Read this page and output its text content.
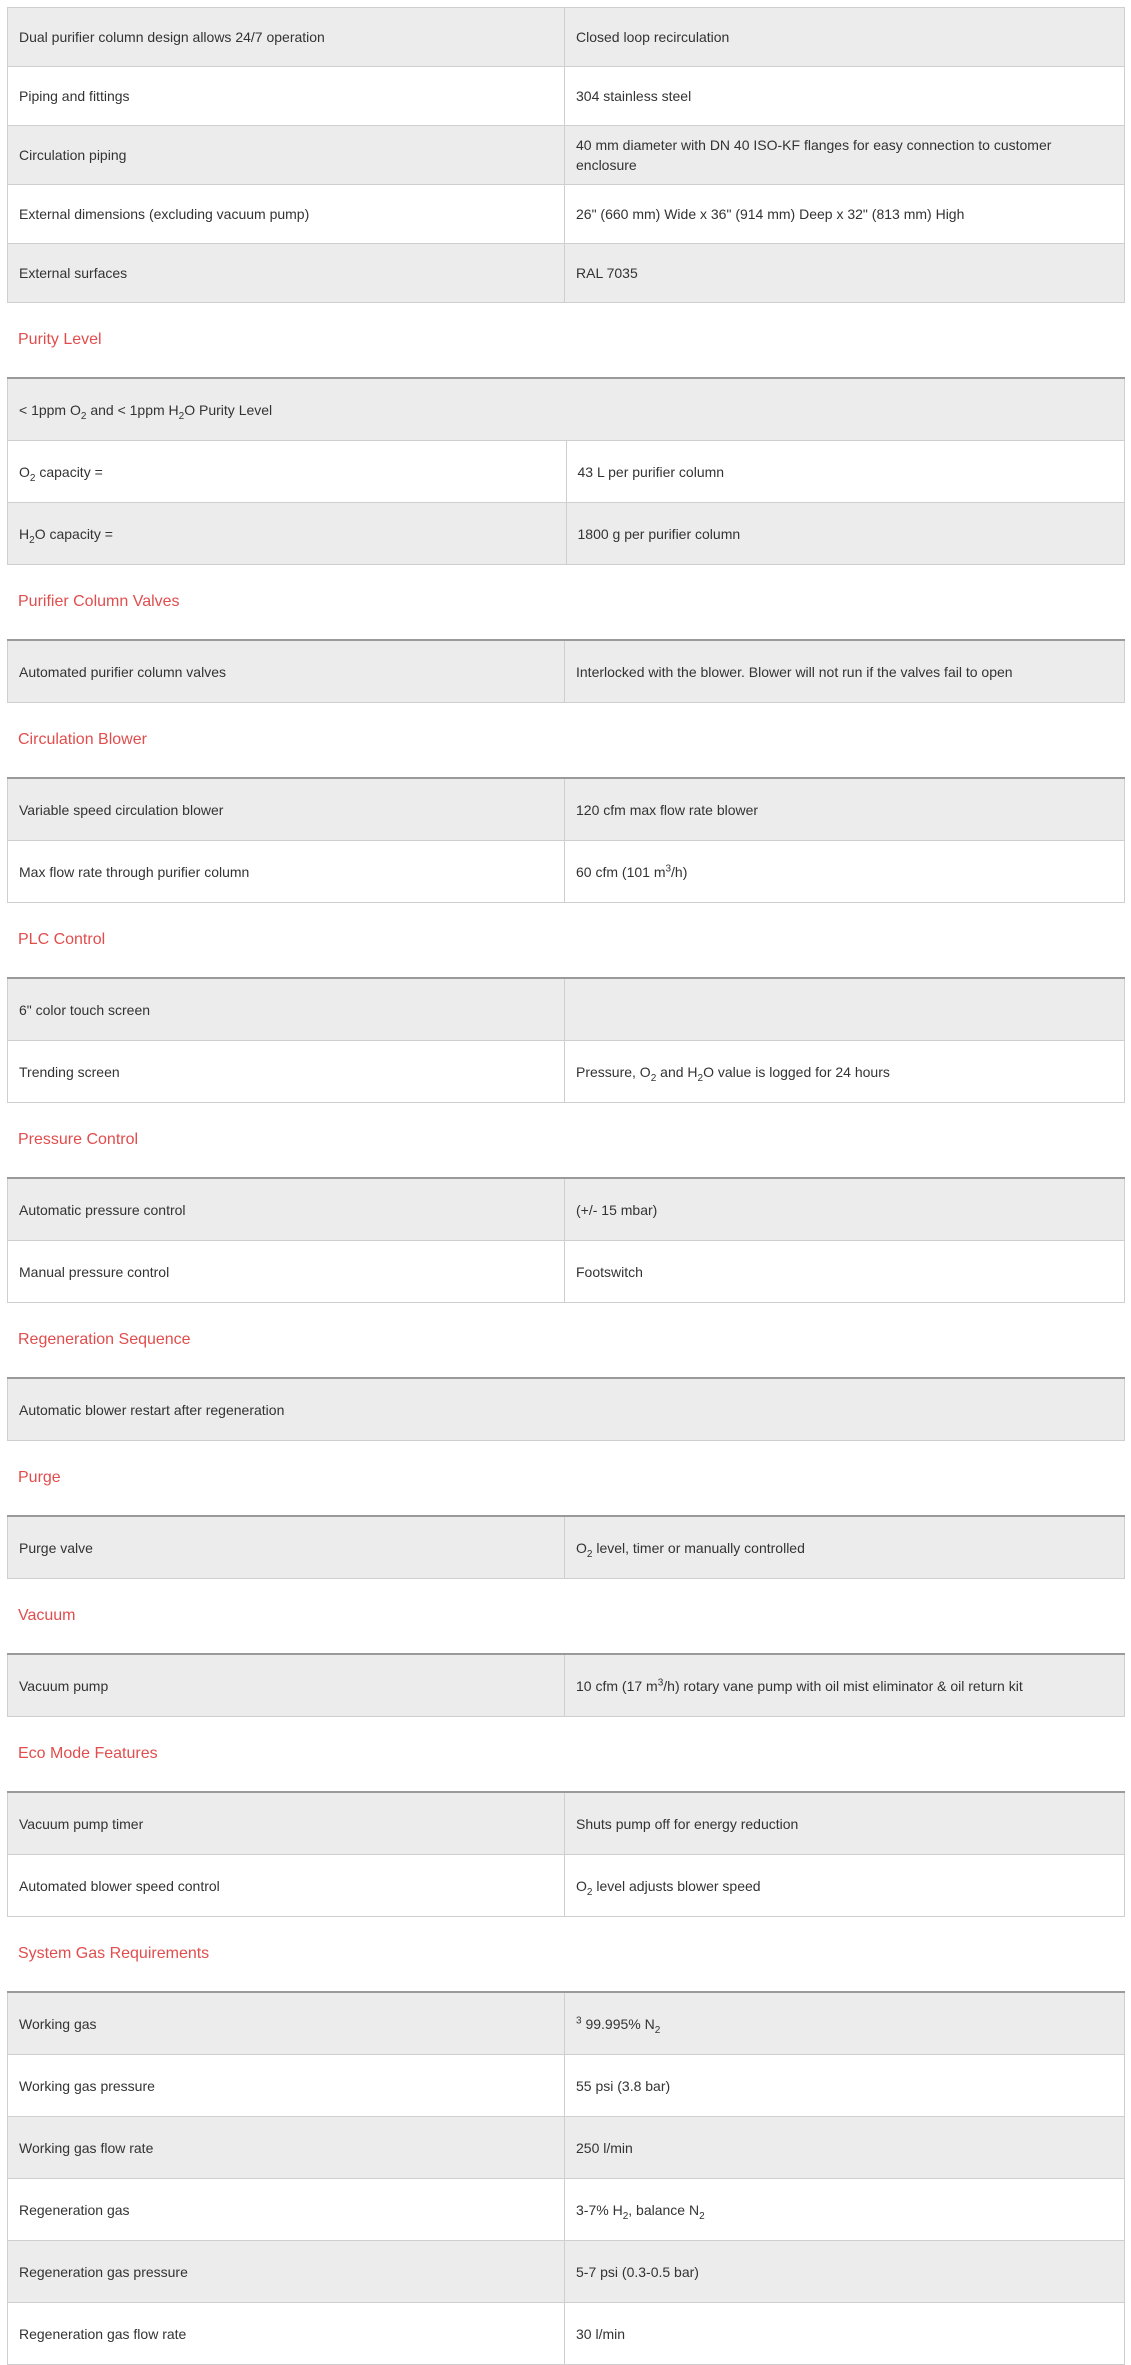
Dual purifier column design allows 24/7 operation	Closed loop recirculation
Piping and fittings	304 stainless steel
Circulation piping	40 mm diameter with DN 40 ISO-KF flanges for easy connection to customer enclosure
External dimensions (excluding vacuum pump)	26" (660 mm) Wide x 36" (914 mm) Deep x 32" (813 mm) High
External surfaces	RAL 7035
Purity Level
< 1ppm $O_2$ and < 1ppm $H_2O$ Purity Level	
$O_2$ capacity =	43 L per purifier column
$H_2O$ capacity =	1800 g per purifier column
Purifier Column Valves
Automated purifier column valves	Interlocked with the blower. Blower will not run if the valves fail to open
Circulation Blower
Variable speed circulation blower	120 cfm max flow rate blower
Max flow rate through purifier column	60 cfm (101 $m^3/h$)
PLC Control
6" color touch screen	
Trending screen	Pressure, $O_2$ and $H_2O$ value is logged for 24 hours
Pressure Control
Automatic pressure control	(+/- 15 mbar)
Manual pressure control	Footswitch
Regeneration Sequence
Automatic blower restart after regeneration
Purge
Purge valve	$O_2$ level, timer or manually controlled
Vacuum
Vacuum pump	10 cfm (17 $m^3/h$) rotary vane pump with oil mist eliminator & oil return kit
Eco Mode Features
Vacuum pump timer	Shuts pump off for energy reduction
Automated blower speed control	$O_2$ level adjusts blower speed
System Gas Requirements
Working gas	$^3$ 99.995% $N_2$
Working gas pressure	55 psi (3.8 bar)
Working gas flow rate	250 l/min
Regeneration gas	3-7% $H_2$, balance $N_2$
Regeneration gas pressure	5-7 psi (0.3-0.5 bar)
Regeneration gas flow rate	30 l/min
